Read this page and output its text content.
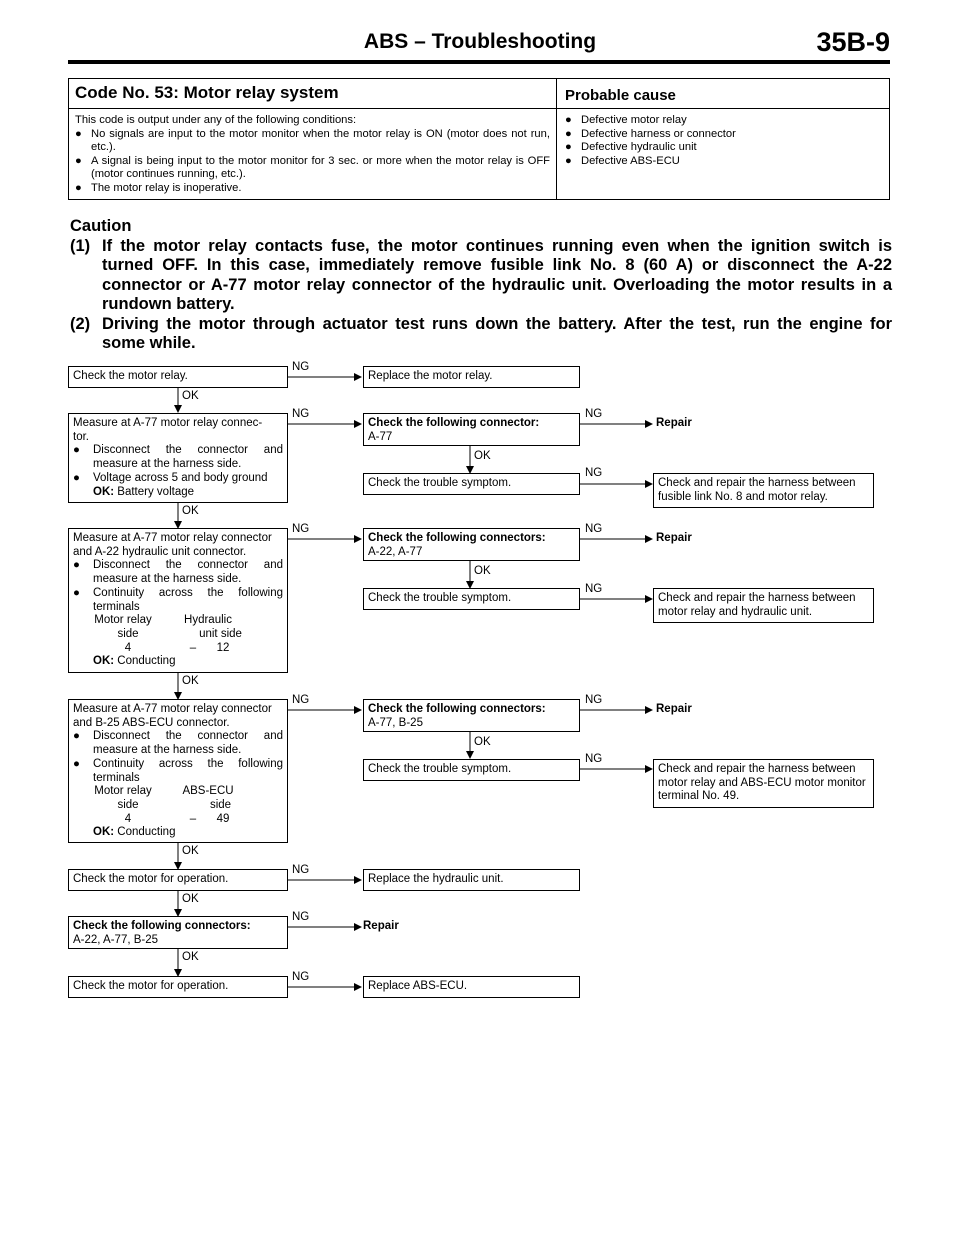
ABS – Troubleshooting	35B-9
Code No. 53: Motor relay system	Probable cause
This code is output under any of the following conditions:
● No signals are input to the motor monitor when the motor relay is ON (motor does not run, etc.).
● A signal is being input to the motor monitor for 3 sec. or more when the motor relay is OFF (motor continues running, etc.).
● The motor relay is inoperative.
● Defective motor relay
● Defective harness or connector
● Defective hydraulic unit
● Defective ABS-ECU
Caution
(1) If the motor relay contacts fuse, the motor continues running even when the ignition switch is turned OFF. In this case, immediately remove fusible link No. 8 (60 A) or disconnect the A-22 connector or A-77 motor relay connector of the hydraulic unit. Overloading the motor results in a rundown battery.
(2) Driving the motor through actuator test runs down the battery. After the test, run the engine for some while.
NG
OK
NG	NG
OK
NG
OK
NG	NG
OK
NG
OK
NG	NG
OK
NG
OK
NG
OK
NG
OK
NG
Check the motor relay.	Replace the motor relay.
Measure at A-77 motor relay connec-
tor.
●	Disconnect the connector and measure at the harness side.
●	Voltage across 5 and body ground
OK: Battery voltage
Check the following connector:
A-77
Repair
Check the trouble symptom.	Check and repair the harness between fusible link No. 8 and motor relay.
Measure at A-77 motor relay connector
and A-22 hydraulic unit connector.
●	Disconnect the connector and measure at the harness side.
●	Continuity across the following terminals
Motor relay	Hydraulic
side	unit side
4	–	12
OK: Conducting
Check the following connectors:
A-22, A-77
Repair
Check the trouble symptom.	Check and repair the harness between motor relay and hydraulic unit.
Measure at A-77 motor relay connector
and B-25 ABS-ECU connector.
●	Disconnect the connector and measure at the harness side.
●	Continuity across the following terminals
Motor relay	ABS-ECU
side	side
4	–	49
OK: Conducting
Check the following connectors:
A-77, B-25
Repair
Check the trouble symptom.	Check and repair the harness between motor relay and ABS-ECU motor monitor terminal No. 49.
Check the motor for operation.	Replace the hydraulic unit.
Check the following connectors:
A-22, A-77, B-25
Repair
Check the motor for operation.	Replace ABS-ECU.
